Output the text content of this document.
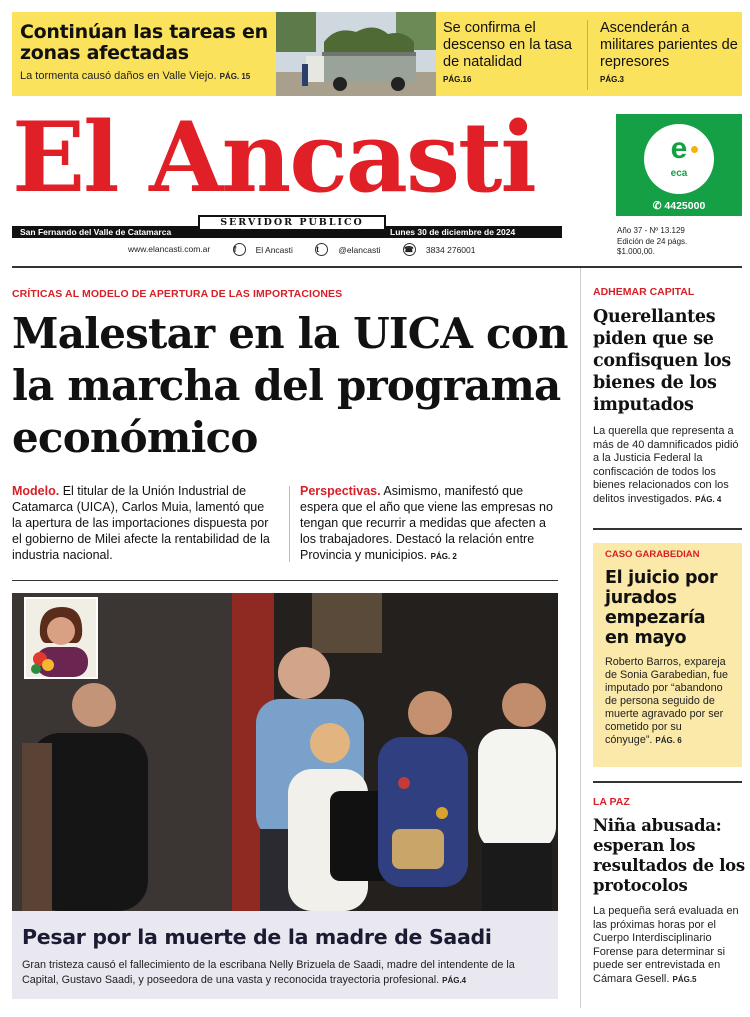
Continúan las tareas en zonas afectadas

La tormenta causó daños en Valle Viejo. PÁG. 15

Se confirma el descenso en la tasa de natalidad
PÁG.16
Ascenderán a militares parientes de represores
PÁG.3
El Ancasti
San Fernando del Valle de Catamarca	Lunes 30 de diciembre de 2024
SERVIDOR PÚBLICO
www.elancasti.com.ar
	f	El Ancasti
	t	@elancasti
	☎ 3834 276001
e
eca
✆ 4425000
Año 37 - Nº 13.129
Edición de 24 págs.
$1.000,00.
CRÍTICAS AL MODELO DE APERTURA DE LAS IMPORTACIONES
Malestar en la UICA con la marcha del programa económico
Modelo. El titular de la Unión Industrial de Catamarca (UICA), Carlos Muia, lamentó que la apertura de las importaciones dispuesta por el gobierno de Milei afecte la rentabilidad de la industria nacional.
Perspectivas. Asimismo, manifestó que espera que el año que viene las empresas no tengan que recurrir a medidas que afecten a los trabajadores. Destacó la relación entre Provincia y municipios. PÁG. 2
Pesar por la muerte de la madre de Saadi

Gran tristeza causó el fallecimiento de la escribana Nelly Brizuela de Saadi, madre del intendente de la Capital, Gustavo Saadi, y poseedora de una vasta y reconocida trayectoria profesional. PÁG.4

ADHEMAR CAPITAL
Querellantes piden que se confisquen los bienes de los imputados

La querella que representa a más de 40 damnificados pidió a la Justicia Federal la confiscación de todos los bienes relacionados con los delitos investigados. PÁG. 4

CASO GARABEDIAN
El juicio por jurados empezaría en mayo

Roberto Barros, expareja de Sonia Garabedian, fue imputado por “abandono de persona seguido de muerte agravado por ser cometido por su cónyuge”. PÁG. 6

LA PAZ
Niña abusada: esperan los resultados de los protocolos

La pequeña será evaluada en las próximas horas por el Cuerpo Interdisciplinario Forense para determinar si puede ser entrevistada en Cámara Gesell. PÁG.5
